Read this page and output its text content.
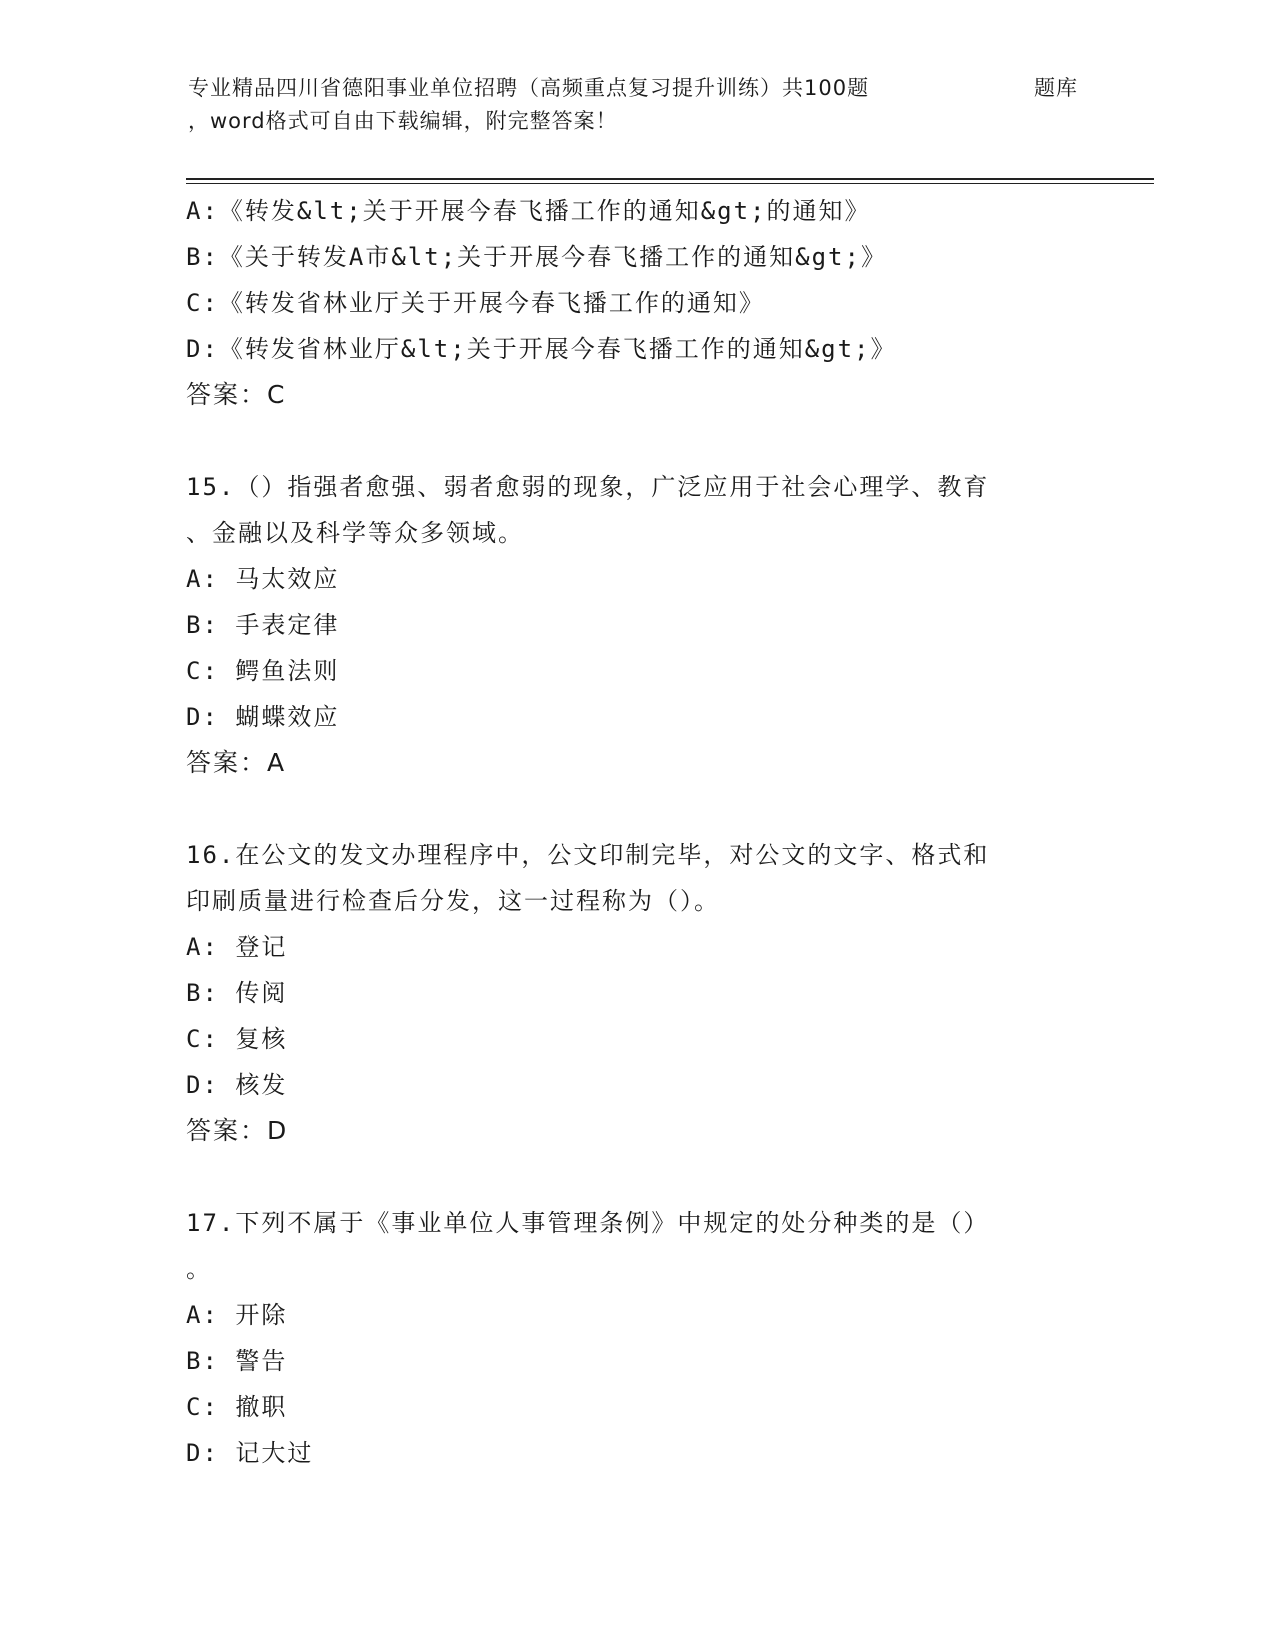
专业精品四川省德阳事业单位招聘（高频重点复习提升训练）共100题	题库
，word格式可自由下载编辑，附完整答案！
A:《转发&lt;关于开展今春飞播工作的通知&gt;的通知》
B:《关于转发A市&lt;关于开展今春飞播工作的通知&gt;》
C:《转发省林业厅关于开展今春飞播工作的通知》
D:《转发省林业厅&lt;关于开展今春飞播工作的通知&gt;》
答案：C
15.（）指强者愈强、弱者愈弱的现象，广泛应用于社会心理学、教育
、金融以及科学等众多领域。
A: 马太效应
B: 手表定律
C: 鳄鱼法则
D: 蝴蝶效应
答案：A
16.在公文的发文办理程序中，公文印制完毕，对公文的文字、格式和
印刷质量进行检查后分发，这一过程称为（）。
A: 登记
B: 传阅
C: 复核
D: 核发
答案：D
17.下列不属于《事业单位人事管理条例》中规定的处分种类的是（）
。
A: 开除
B: 警告
C: 撤职
D: 记大过
